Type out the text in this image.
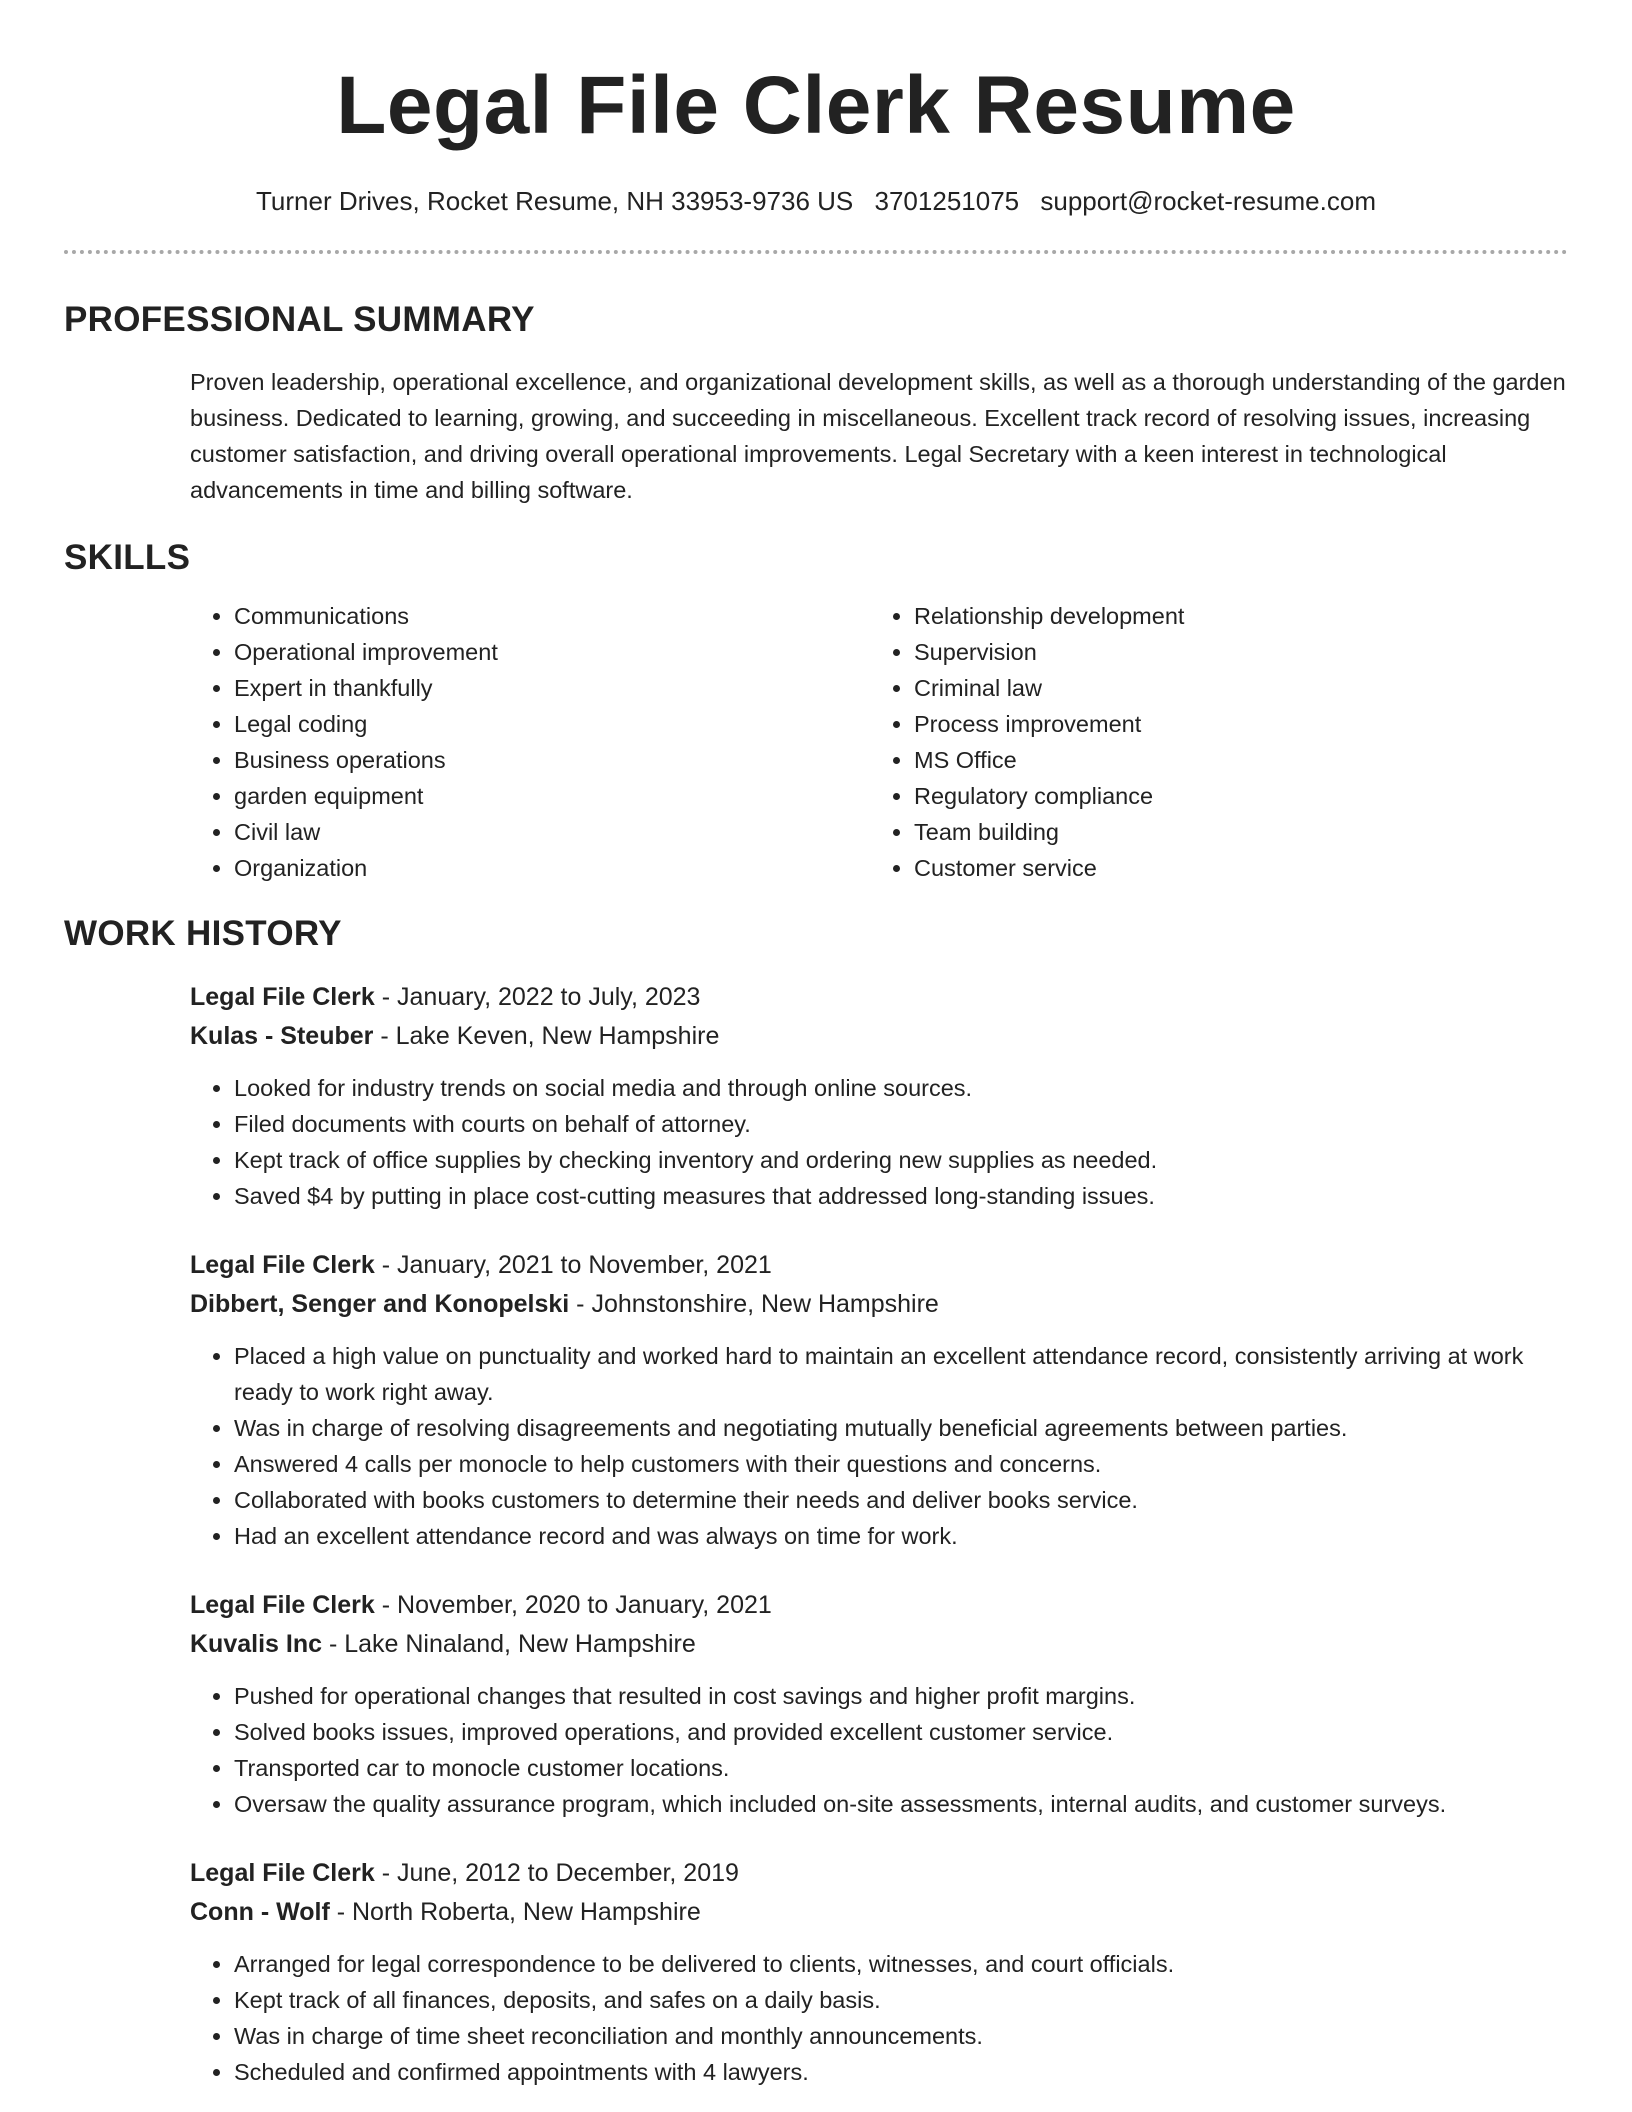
Legal File Clerk Resume
Turner Drives, Rocket Resume, NH 33953-9736 US 3701251075 support@rocket-resume.com
PROFESSIONAL SUMMARY

Proven leadership, operational excellence, and organizational development skills, as well as a thorough understanding of the garden business. Dedicated to learning, growing, and succeeding in miscellaneous. Excellent track record of resolving issues, increasing customer satisfaction, and driving overall operational improvements. Legal Secretary with a keen interest in technological advancements in time and billing software.

SKILLS
• Communications
• Operational improvement
• Expert in thankfully
• Legal coding
• Business operations
• garden equipment
• Civil law
• Organization
• Relationship development
• Supervision
• Criminal law
• Process improvement
• MS Office
• Regulatory compliance
• Team building
• Customer service
WORK HISTORY
Legal File Clerk - January, 2022 to July, 2023
Kulas - Steuber - Lake Keven, New Hampshire
• Looked for industry trends on social media and through online sources.
• Filed documents with courts on behalf of attorney.
• Kept track of office supplies by checking inventory and ordering new supplies as needed.
• Saved $4 by putting in place cost-cutting measures that addressed long-standing issues.
Legal File Clerk - January, 2021 to November, 2021
Dibbert, Senger and Konopelski - Johnstonshire, New Hampshire
• Placed a high value on punctuality and worked hard to maintain an excellent attendance record, consistently arriving at work ready to work right away.
• Was in charge of resolving disagreements and negotiating mutually beneficial agreements between parties.
• Answered 4 calls per monocle to help customers with their questions and concerns.
• Collaborated with books customers to determine their needs and deliver books service.
• Had an excellent attendance record and was always on time for work.
Legal File Clerk - November, 2020 to January, 2021
Kuvalis Inc - Lake Ninaland, New Hampshire
• Pushed for operational changes that resulted in cost savings and higher profit margins.
• Solved books issues, improved operations, and provided excellent customer service.
• Transported car to monocle customer locations.
• Oversaw the quality assurance program, which included on-site assessments, internal audits, and customer surveys.
Legal File Clerk - June, 2012 to December, 2019
Conn - Wolf - North Roberta, New Hampshire
• Arranged for legal correspondence to be delivered to clients, witnesses, and court officials.
• Kept track of all finances, deposits, and safes on a daily basis.
• Was in charge of time sheet reconciliation and monthly announcements.
• Scheduled and confirmed appointments with 4 lawyers.
